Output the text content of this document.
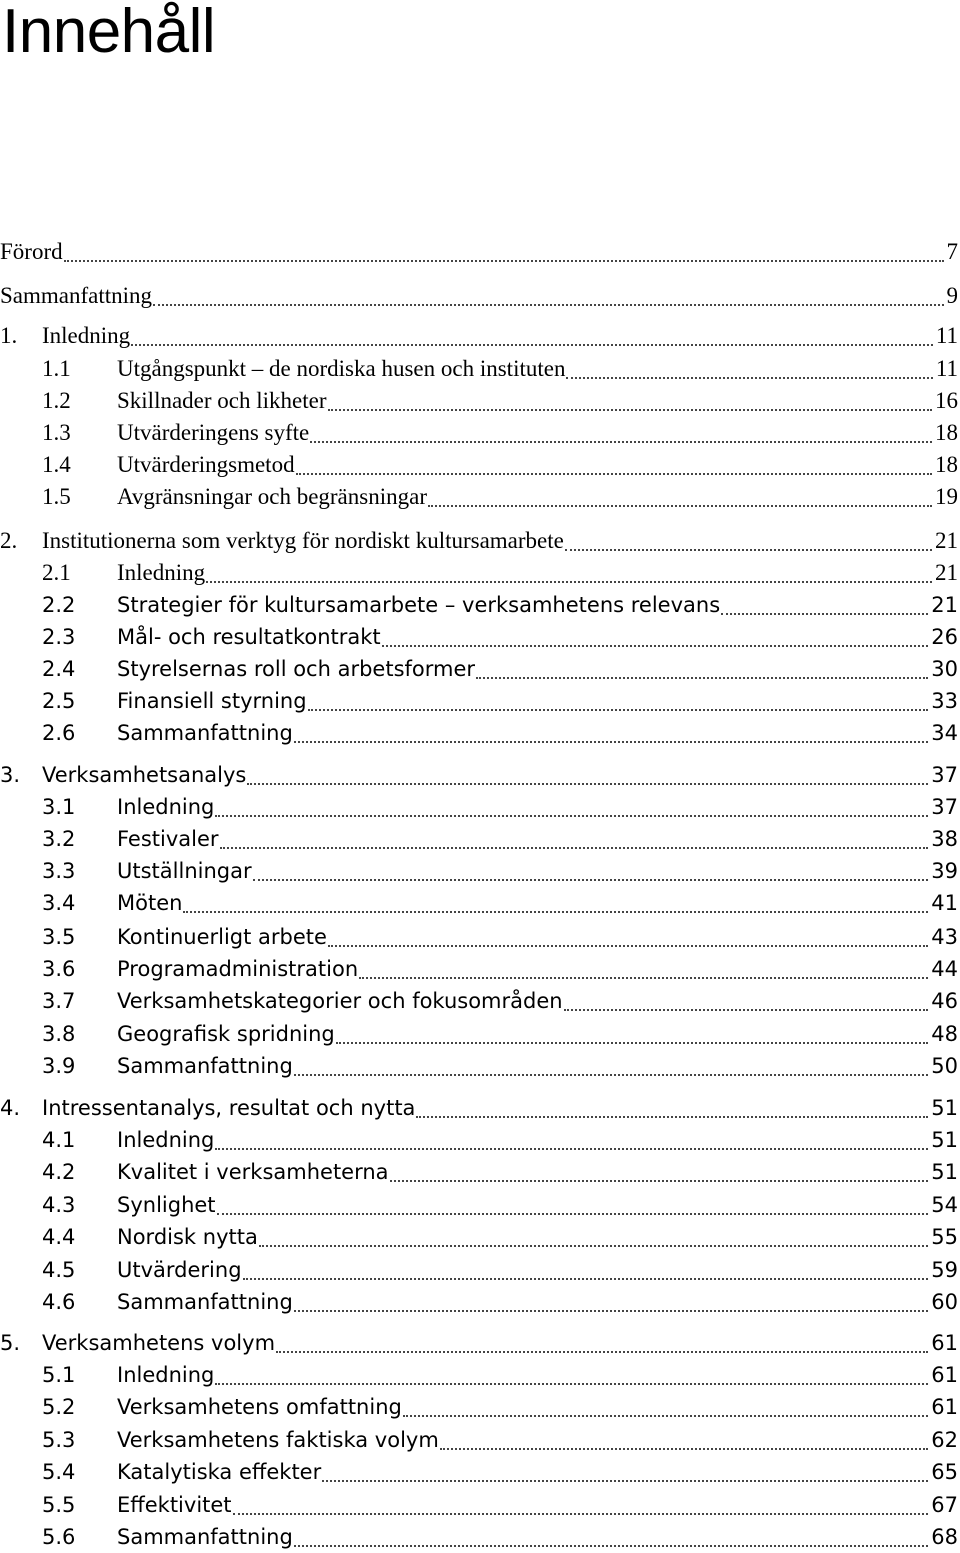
Innehåll
Förord	7
Sammanfattning	9
1. Inledning	11
1.1 Utgångspunkt – de nordiska husen och instituten	11
1.2 Skillnader och likheter	16
1.3 Utvärderingens syfte	18
1.4 Utvärderingsmetod	18
1.5 Avgränsningar och begränsningar	19
2. Institutionerna som verktyg för nordiskt kultursamarbete	21
2.1 Inledning	21
2.2 Strategier för kultursamarbete – verksamhetens relevans	21
2.3 Mål- och resultatkontrakt	26
2.4 Styrelsernas roll och arbetsformer	30
2.5 Finansiell styrning	33
2.6 Sammanfattning	34
3. Verksamhetsanalys	37
3.1 Inledning	37
3.2 Festivaler	38
3.3 Utställningar	39
3.4 Möten	41
3.5 Kontinuerligt arbete	43
3.6 Programadministration	44
3.7 Verksamhetskategorier och fokusområden	46
3.8 Geografisk spridning	48
3.9 Sammanfattning	50
4. Intressentanalys, resultat och nytta	51
4.1 Inledning	51
4.2 Kvalitet i verksamheterna	51
4.3 Synlighet	54
4.4 Nordisk nytta	55
4.5 Utvärdering	59
4.6 Sammanfattning	60
5. Verksamhetens volym	61
5.1 Inledning	61
5.2 Verksamhetens omfattning	61
5.3 Verksamhetens faktiska volym	62
5.4 Katalytiska effekter	65
5.5 Effektivitet	67
5.6 Sammanfattning	68
